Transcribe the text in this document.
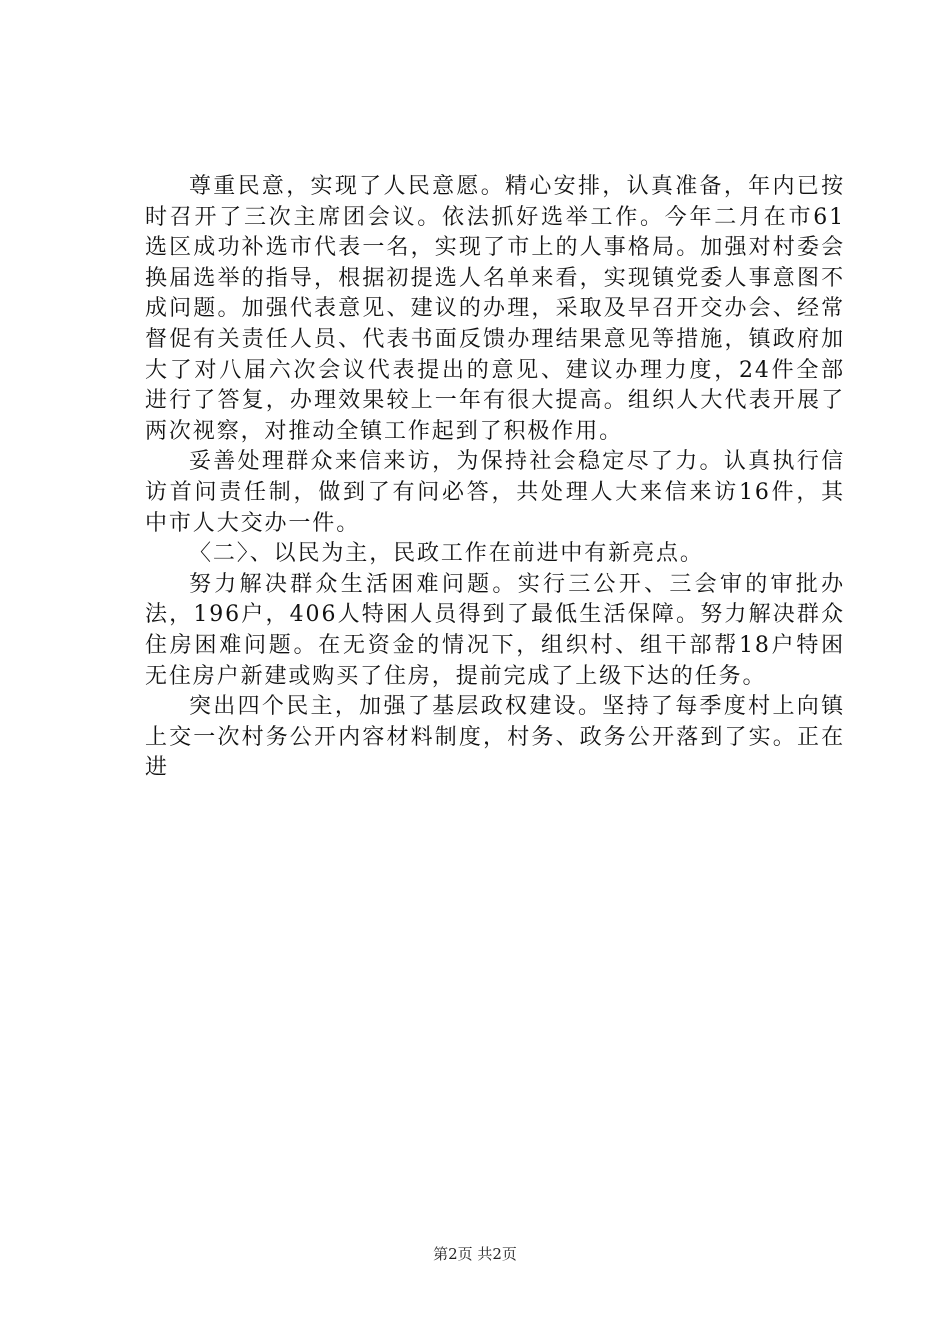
尊重民意，实现了人民意愿。精心安排，认真准备，年内已按时召开了三次主席团会议。依法抓好选举工作。今年二月在市61选区成功补选市代表一名，实现了市上的人事格局。加强对村委会换届选举的指导，根据初提选人名单来看，实现镇党委人事意图不成问题。加强代表意见、建议的办理，采取及早召开交办会、经常督促有关责任人员、代表书面反馈办理结果意见等措施，镇政府加大了对八届六次会议代表提出的意见、建议办理力度，24件全部进行了答复，办理效果较上一年有很大提高。组织人大代表开展了两次视察，对推动全镇工作起到了积极作用。

妥善处理群众来信来访，为保持社会稳定尽了力。认真执行信访首问责任制，做到了有问必答，共处理人大来信来访16件，其中市人大交办一件。

〈二〉、以民为主，民政工作在前进中有新亮点。

努力解决群众生活困难问题。实行三公开、三会审的审批办法，196户，406人特困人员得到了最低生活保障。努力解决群众住房困难问题。在无资金的情况下，组织村、组干部帮18户特困无住房户新建或购买了住房，提前完成了上级下达的任务。

突出四个民主，加强了基层政权建设。坚持了每季度村上向镇上交一次村务公开内容材料制度，村务、政务公开落到了实。正在进

第2页 共2页
